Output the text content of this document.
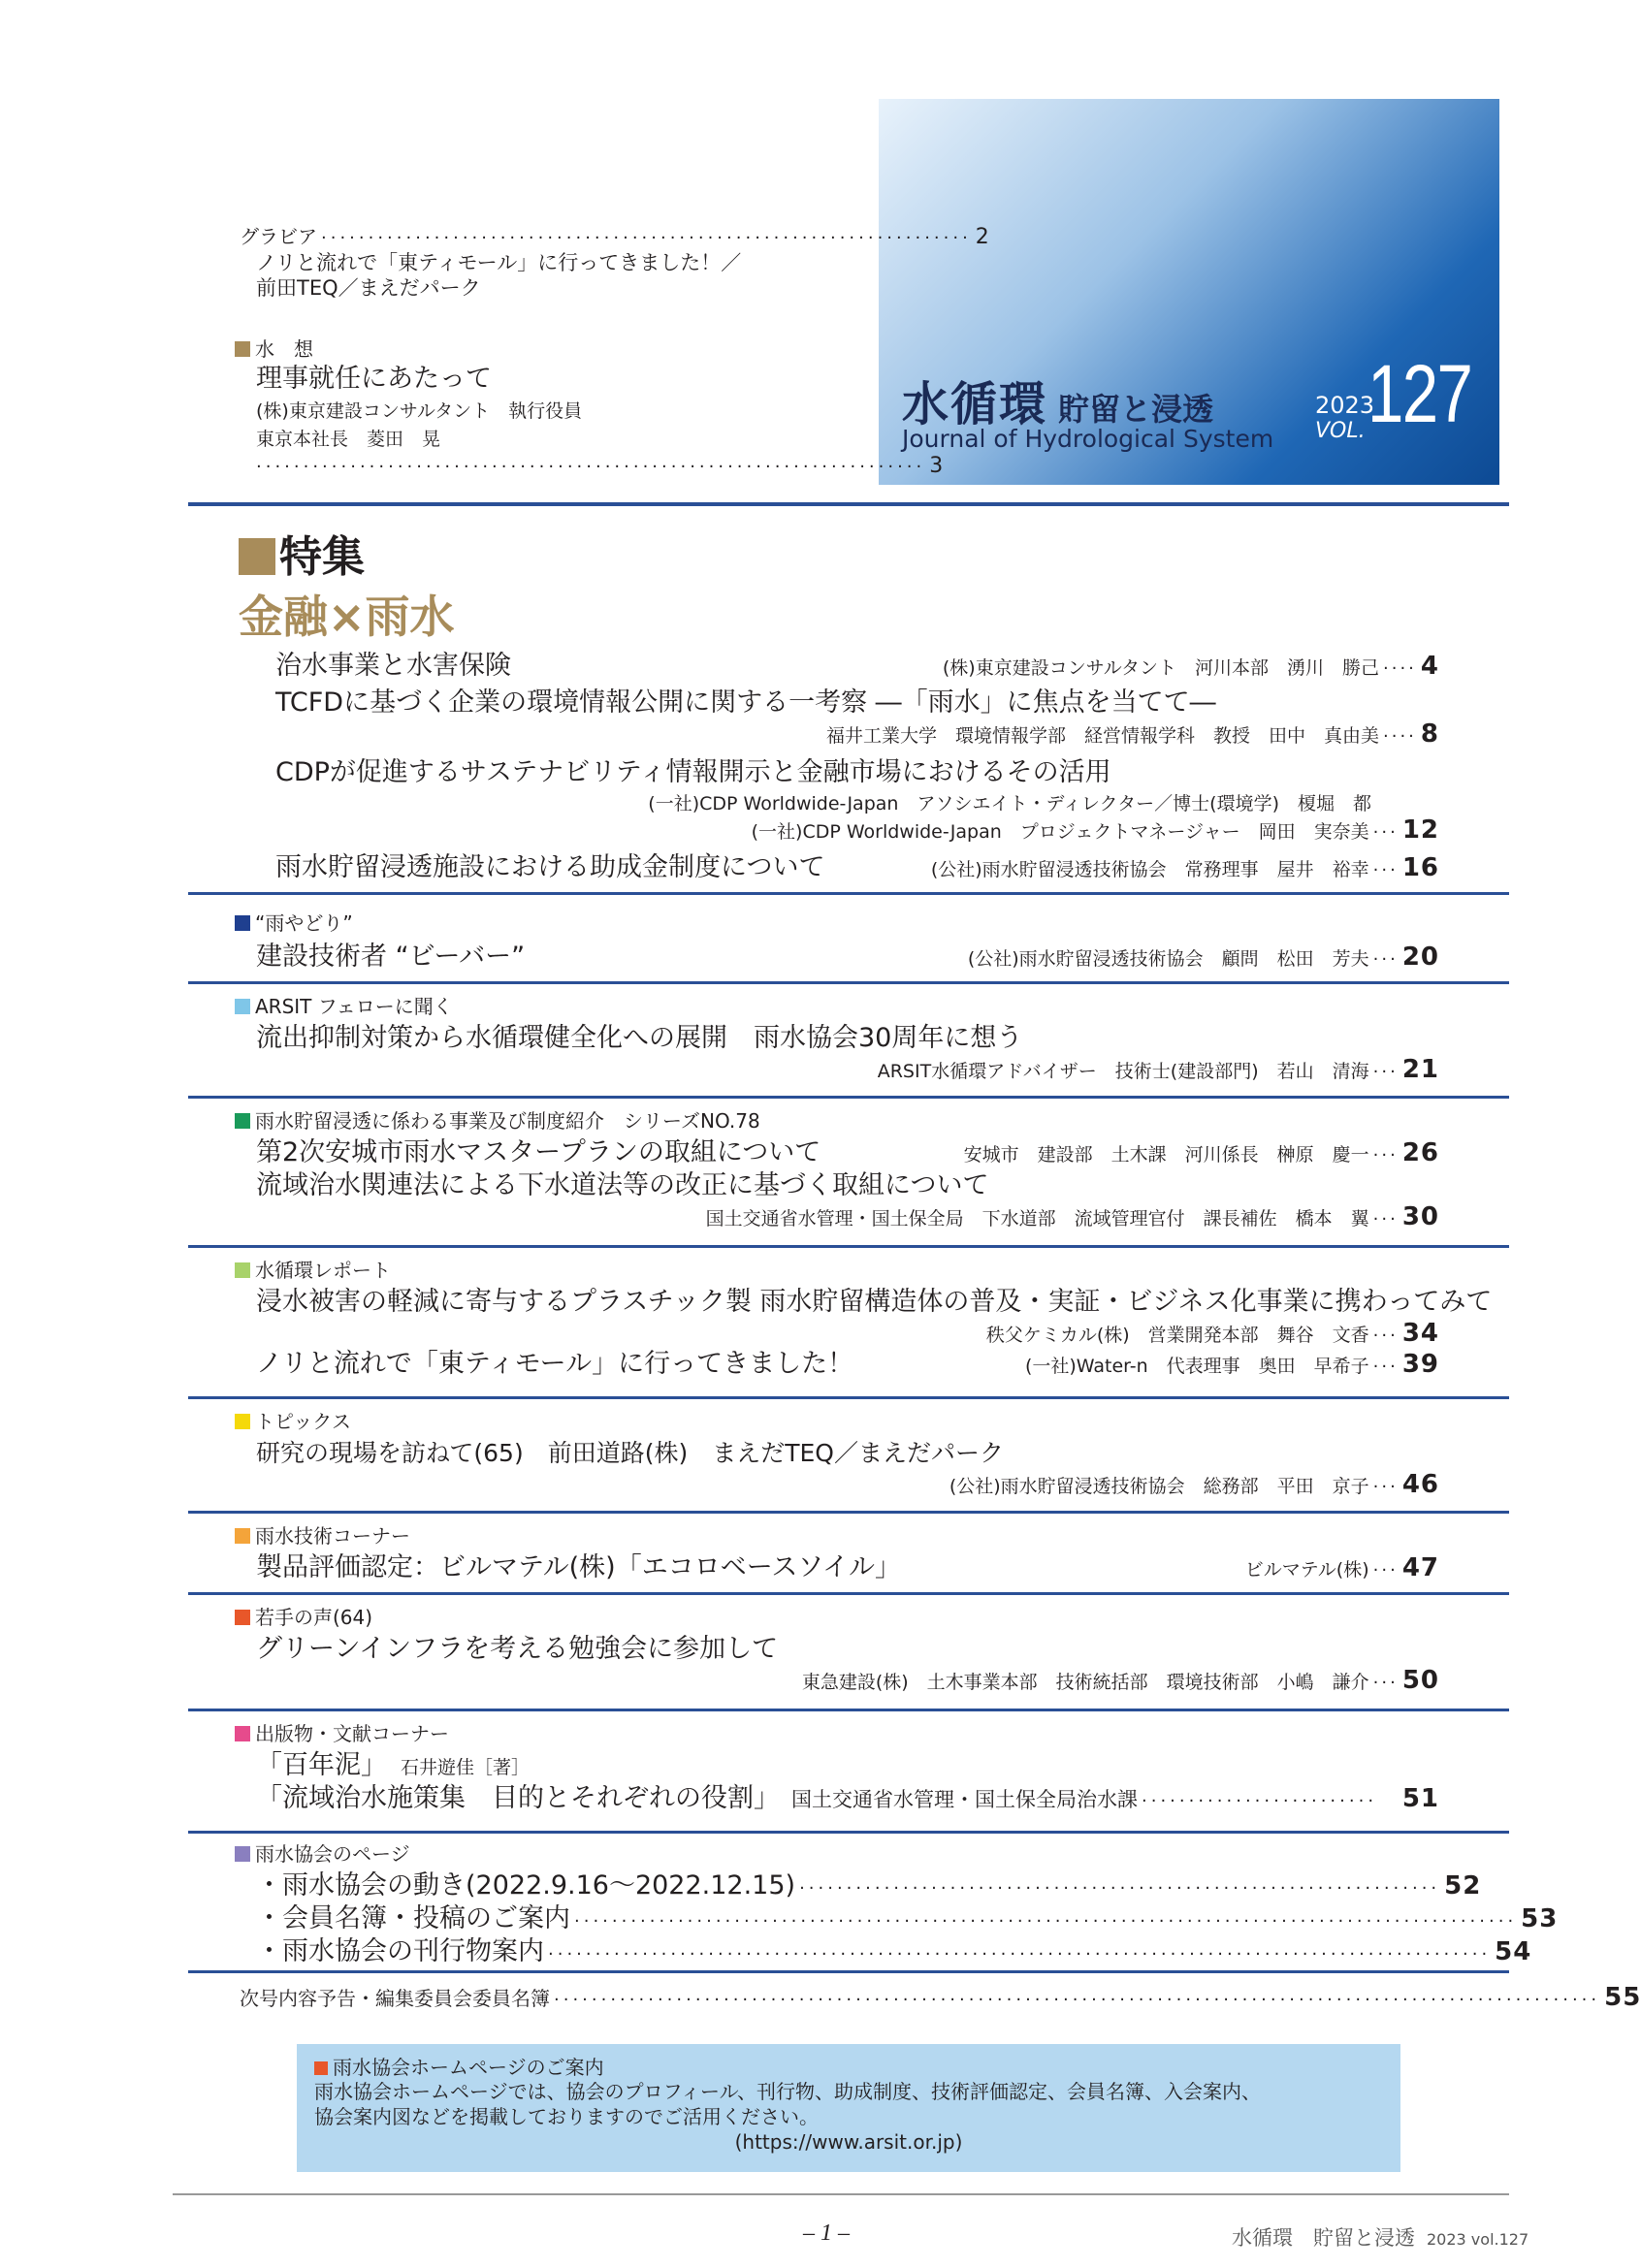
水循環 貯留と浸透
Journal of Hydrological System
2023
VOL. 127
グラビア ····································································· 2
ノリと流れで「東ティモール」に行ってきました！／
前田TEQ／まえだパーク
水　想
理事就任にあたって
(株)東京建設コンサルタント　執行役員
東京本社長　菱田　晃
······································································· 3
特集
金融×雨水
治水事業と水害保険	(株)東京建設コンサルタント　河川本部　湧川　勝己 ···· 4
TCFDに基づく企業の環境情報公開に関する一考察 ―「雨水」に焦点を当てて―
福井工業大学　環境情報学部　経営情報学科　教授　田中　真由美 ···· 8
CDPが促進するサステナビリティ情報開示と金融市場におけるその活用
(一社)CDP Worldwide-Japan　アソシエイト・ディレクター／博士(環境学)　榎堀　都
(一社)CDP Worldwide-Japan　プロジェクトマネージャー　岡田　実奈美 ··· 12
雨水貯留浸透施設における助成金制度について	(公社)雨水貯留浸透技術協会　常務理事　屋井　裕幸 ··· 16
“雨やどり”
建設技術者 “ビーバー”	(公社)雨水貯留浸透技術協会　顧問　松田　芳夫 ··· 20
ARSIT フェローに聞く
流出抑制対策から水循環健全化への展開　雨水協会30周年に想う
ARSIT水循環アドバイザー　技術士(建設部門)　若山　清海 ··· 21
雨水貯留浸透に係わる事業及び制度紹介　シリーズNO.78
第2次安城市雨水マスタープランの取組について	安城市　建設部　土木課　河川係長　榊原　慶一 ··· 26
流域治水関連法による下水道法等の改正に基づく取組について
国土交通省水管理・国土保全局　下水道部　流域管理官付　課長補佐　橋本　翼 ··· 30
水循環レポート
浸水被害の軽減に寄与するプラスチック製 雨水貯留構造体の普及・実証・ビジネス化事業に携わってみて
秩父ケミカル(株)　営業開発本部　舞谷　文香 ··· 34
ノリと流れで「東ティモール」に行ってきました！	(一社)Water-n　代表理事　奥田　早希子 ··· 39
トピックス
研究の現場を訪ねて(65)　前田道路(株)　まえだTEQ／まえだパーク
(公社)雨水貯留浸透技術協会　総務部　平田　京子 ··· 46
雨水技術コーナー
製品評価認定：ビルマテル(株)「エコロベースソイル」	ビルマテル(株) ··· 47
若手の声(64)
グリーンインフラを考える勉強会に参加して
東急建設(株)　土木事業本部　技術統括部　環境技術部　小嶋　謙介 ··· 50
出版物・文献コーナー
「百年泥」 石井遊佳［著］
「流域治水施策集　目的とそれぞれの役割」 国土交通省水管理・国土保全局治水課 ························· 51
雨水協会のページ
・雨水協会の動き(2022.9.16〜2022.12.15) ···································································· 52
・会員名簿・投稿のご案内 ···································································································· 53
・雨水協会の刊行物案内 ···································································································· 54
次号内容予告・編集委員会委員名簿 ··············································································································· 55
雨水協会ホームページのご案内
雨水協会ホームページでは、協会のプロフィール、刊行物、助成制度、技術評価認定、会員名簿、入会案内、
協会案内図などを掲載しておりますのでご活用ください。
(https://www.arsit.or.jp)
– 1 –	水循環　貯留と浸透 2023 vol.127
